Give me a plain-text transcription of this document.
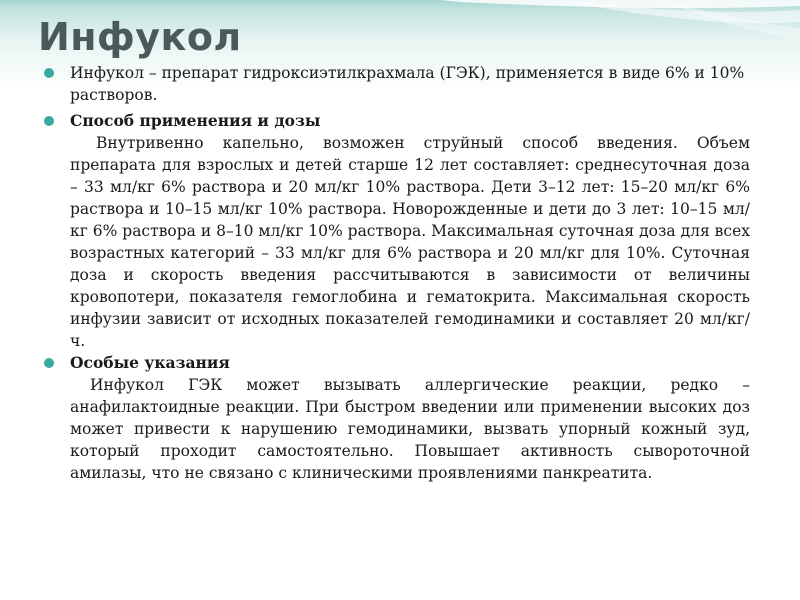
Инфукол
Инфукол – препарат гидроксиэтилкрахмала (ГЭК), применяется в виде 6% и 10% растворов.
Способ применения и дозы
Внутривенно капельно, возможен струйный способ введения. Объем препарата для взрослых и детей старше 12 лет составляет: среднесуточная доза – 33 мл/кг 6% раствора и 20 мл/кг 10% раствора. Дети 3–12 лет: 15–20 мл/кг 6% раствора и 10–15 мл/кг 10% раствора. Новорожденные и дети до 3 лет: 10–15 мл/кг 6% раствора и 8–10 мл/кг 10% раствора. Максимальная суточная доза для всех возрастных категорий – 33 мл/кг для 6% раствора и 20 мл/кг для 10%. Суточная доза и скорость введения рассчитываются в зависимости от величины кровопотери, показателя гемоглобина и гематокрита. Максимальная скорость инфузии зависит от исходных показателей гемодинамики и составляет 20 мл/кг/ч.
Особые указания
Инфукол ГЭК может вызывать аллергические реакции, редко – анафилактоидные реакции. При быстром введении или применении высоких доз может привести к нарушению гемодинамики, вызвать упорный кожный зуд, который проходит самостоятельно. Повышает активность сывороточной амилазы, что не связано с клиническими проявлениями панкреатита.
